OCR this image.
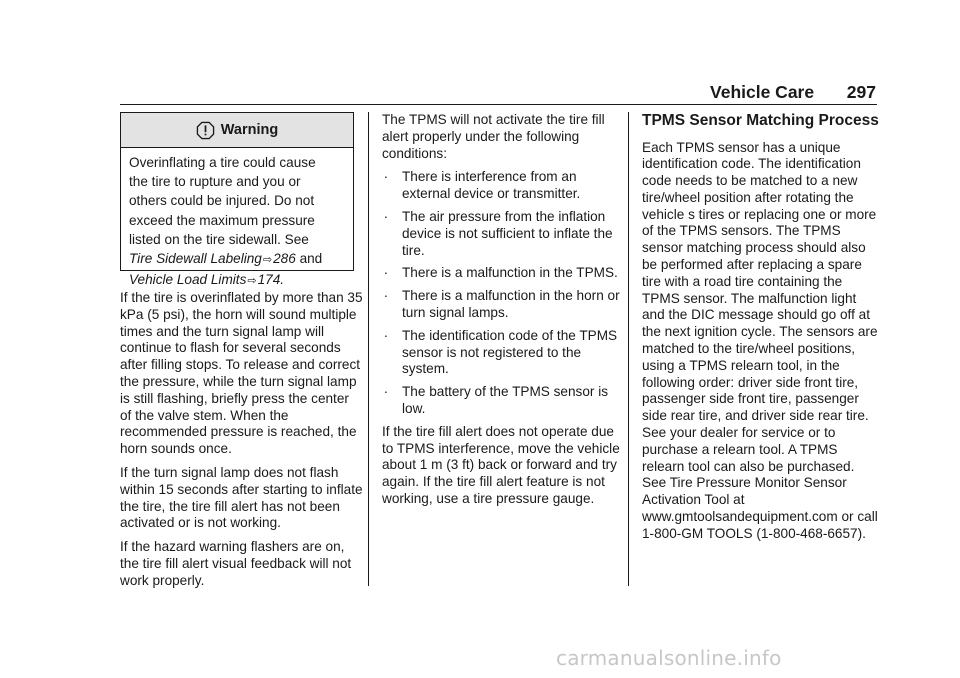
Vehicle Care 297
Warning

Overinflating a tire could cause

the tire to rupture and you or

others could be injured. Do not

exceed the maximum pressure

listed on the tire sidewall. See

Tire Sidewall Labeling⇨286 and

Vehicle Load Limits⇨174.

If the tire is overinflated by more than 35 kPa (5 psi), the horn will sound multiple times and the turn signal lamp will continue to flash for several seconds after filling stops. To release and correct the pressure, while the turn signal lamp is still flashing, briefly press the center of the valve stem. When the recommended pressure is reached, the horn sounds once.

If the turn signal lamp does not flash within 15 seconds after starting to inflate the tire, the tire fill alert has not been activated or is not working.

If the hazard warning flashers are on, the tire fill alert visual feedback will not work properly.

The TPMS will not activate the tire fill alert properly under the following conditions:

. There is interference from an external device or transmitter.
. The air pressure from the inflation device is not sufficient to inflate the tire.
. There is a malfunction in the TPMS.
. There is a malfunction in the horn or turn signal lamps.
. The identification code of the TPMS sensor is not registered to the system.
. The battery of the TPMS sensor is low.

If the tire fill alert does not operate due to TPMS interference, move the vehicle about 1 m (3 ft) back or forward and try again. If the tire fill alert feature is not working, use a tire pressure gauge.

TPMS Sensor Matching Process

Each TPMS sensor has a unique identification code. The identification code needs to be matched to a new tire/wheel position after rotating the vehicle s tires or replacing one or more of the TPMS sensors. The TPMS sensor matching process should also be performed after replacing a spare tire with a road tire containing the TPMS sensor. The malfunction light and the DIC message should go off at the next ignition cycle. The sensors are matched to the tire/wheel positions, using a TPMS relearn tool, in the following order: driver side front tire, passenger side front tire, passenger side rear tire, and driver side rear tire. See your dealer for service or to purchase a relearn tool. A TPMS relearn tool can also be purchased. See Tire Pressure Monitor Sensor Activation Tool at www.gmtoolsandequipment.com or call 1-800-GM TOOLS (1-800-468-6657).

carmanualsonline.info
